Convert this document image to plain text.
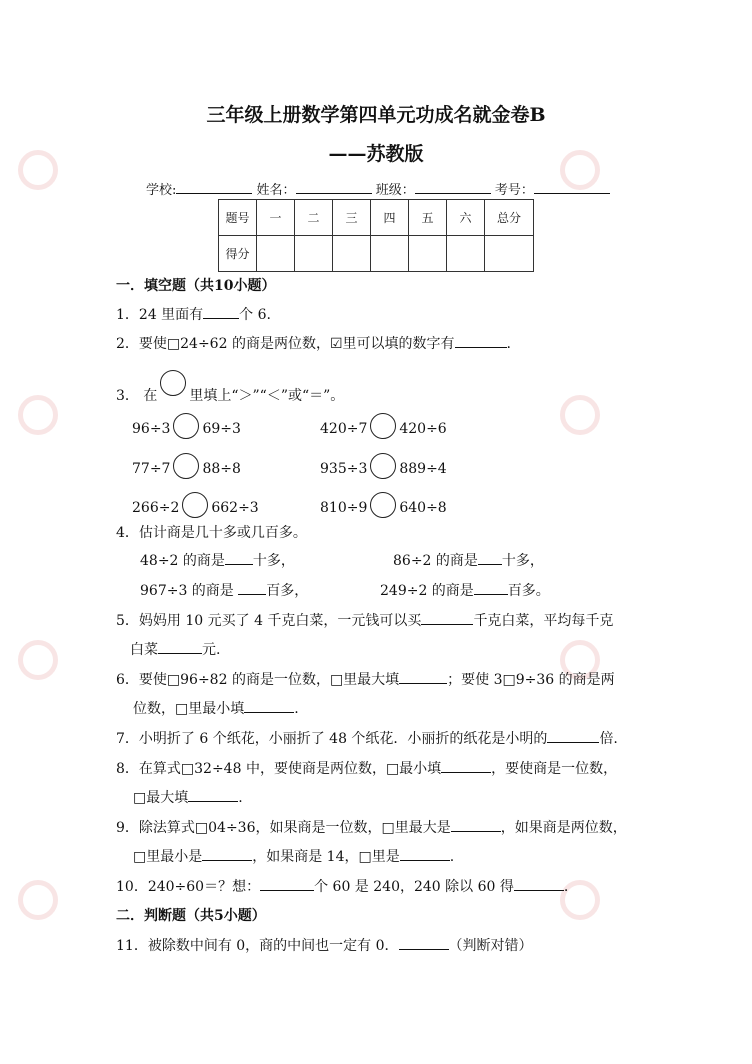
三年级上册数学第四单元功成名就金卷B
——苏教版
学校:	姓名：	班级：	考号：
题号	一	二	三	四	五	六	总分
得分							
一．填空题（共10小题）
1．24 里面有	个 6.
2．要使□24÷62 的商是两位数，☑里可以填的数字有	.
3． 在 里填上“＞”“＜”或“＝”。
96÷3 69÷3	420÷7 420÷6
77÷7 88÷8	935÷3 889÷4
266÷2 662÷3	810÷9 640÷8
4．估计商是几十多或几百多。
48÷2 的商是 十多，	86÷2 的商是 十多，
967÷3 的商是 百多，	249÷2 的商是 百多。
5．妈妈用 10 元买了 4 千克白菜，一元钱可以买	千克白菜，平均每千克
白菜	元.
6．要使□96÷82 的商是一位数，□里最大填	；要使 3□9÷36 的商是两
位数，□里最小填	.
7．小明折了 6 个纸花，小丽折了 48 个纸花．小丽折的纸花是小明的	倍.
8．在算式□32÷48 中，要使商是两位数，□最小填	，要使商是一位数，
□最大填	.
9．除法算式□04÷36，如果商是一位数，□里最大是	，如果商是两位数，
□里最小是	，如果商是 14，□里是	.
10．240÷60＝？想：	个 60 是 240，240 除以 60 得	.
二．判断题（共5小题）
11．被除数中间有 0，商的中间也一定有 0．	（判断对错）
